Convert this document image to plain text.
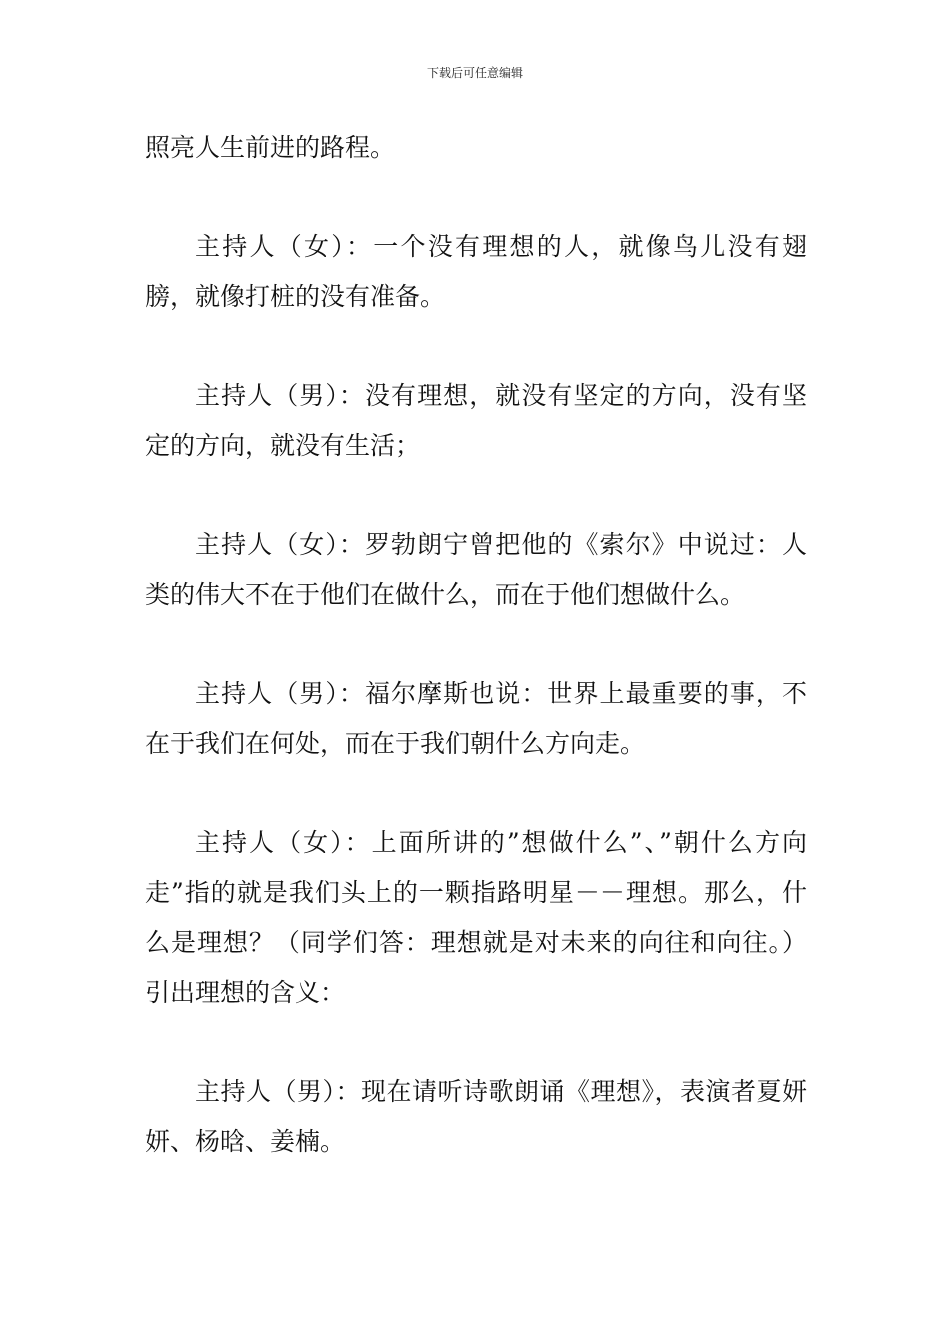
下载后可任意编辑

照亮人生前进的路程。

主持人（女）：一个没有理想的人，就像鸟儿没有翅膀，就像打桩的没有准备。

主持人（男）：没有理想，就没有坚定的方向，没有坚定的方向，就没有生活；

主持人（女）：罗勃朗宁曾把他的《索尔》中说过：人类的伟大不在于他们在做什么，而在于他们想做什么。

主持人（男）：福尔摩斯也说：世界上最重要的事，不在于我们在何处，而在于我们朝什么方向走。

主持人（女）：上面所讲的”想做什么”、”朝什么方向走”指的就是我们头上的一颗指路明星－－理想。那么，什么是理想？（同学们答：理想就是对未来的向往和向往。）引出理想的含义：

主持人（男）：现在请听诗歌朗诵《理想》，表演者夏妍妍、杨晗、姜楠。
